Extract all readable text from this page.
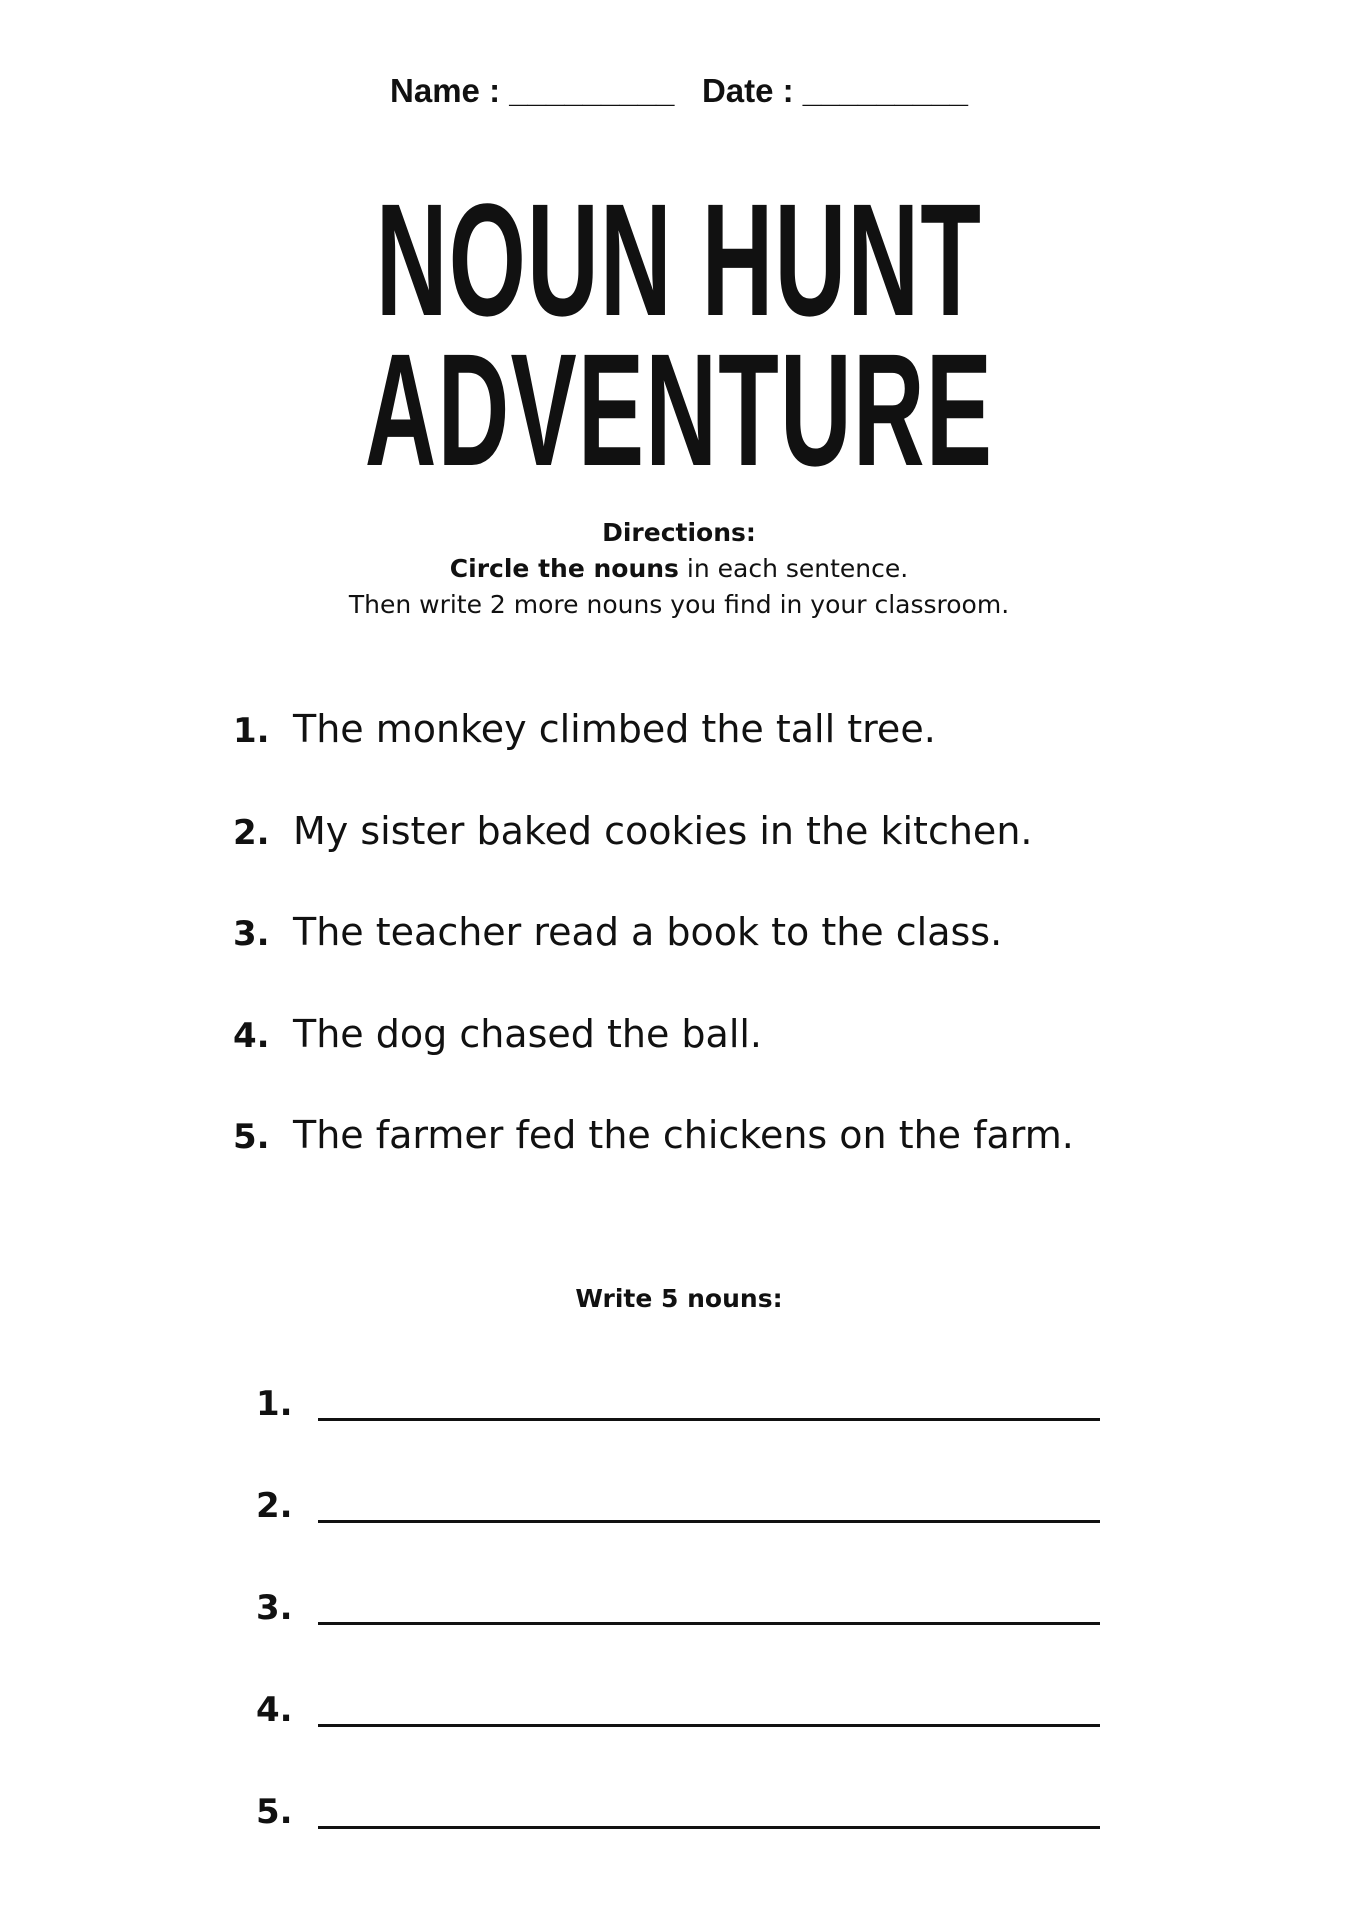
Name : _________ Date : _________
NOUN HUNT
ADVENTURE
Directions:
Circle the nouns in each sentence.
Then write 2 more nouns you find in your classroom.
1. The monkey climbed the tall tree.
2. My sister baked cookies in the kitchen.
3. The teacher read a book to the class.
4. The dog chased the ball.
5. The farmer fed the chickens on the farm.
Write 5 nouns:
1.
2.
3.
4.
5.
